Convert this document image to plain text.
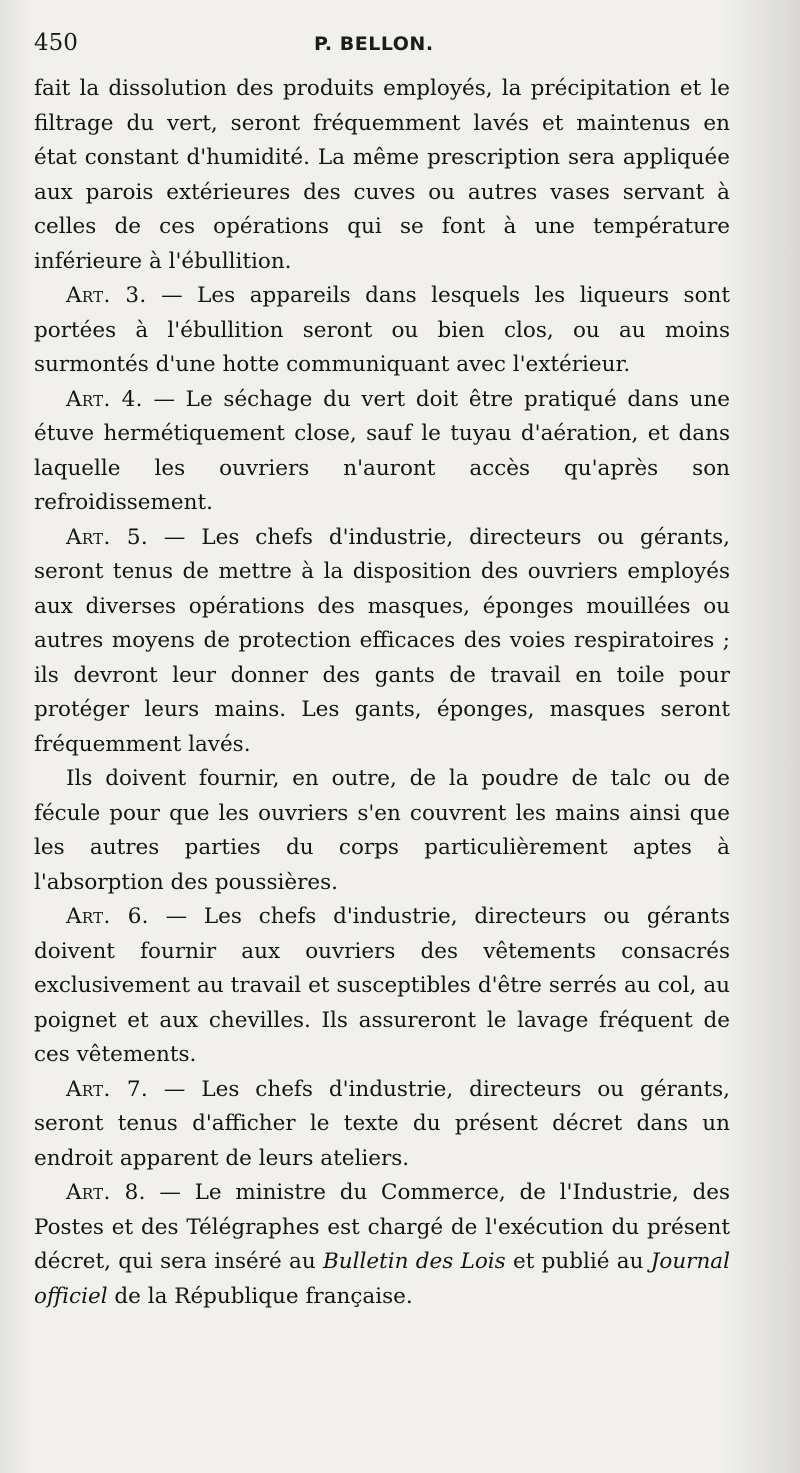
450	P. BELLON.

fait la dissolution des produits employés, la précipitation et le filtrage du vert, seront fréquemment lavés et maintenus en état constant d'humidité. La même prescription sera appliquée aux parois extérieures des cuves ou autres vases servant à celles de ces opérations qui se font à une température inférieure à l'ébullition.

Art. 3. — Les appareils dans lesquels les liqueurs sont portées à l'ébullition seront ou bien clos, ou au moins surmontés d'une hotte communiquant avec l'extérieur.

Art. 4. — Le séchage du vert doit être pratiqué dans une étuve hermétiquement close, sauf le tuyau d'aération, et dans laquelle les ouvriers n'auront accès qu'après son refroidissement.

Art. 5. — Les chefs d'industrie, directeurs ou gérants, seront tenus de mettre à la disposition des ouvriers employés aux diverses opérations des masques, éponges mouillées ou autres moyens de protection efficaces des voies respiratoires ; ils devront leur donner des gants de travail en toile pour protéger leurs mains. Les gants, éponges, masques seront fréquemment lavés.

Ils doivent fournir, en outre, de la poudre de talc ou de fécule pour que les ouvriers s'en couvrent les mains ainsi que les autres parties du corps particulièrement aptes à l'absorption des poussières.

Art. 6. — Les chefs d'industrie, directeurs ou gérants doivent fournir aux ouvriers des vêtements consacrés exclusivement au travail et susceptibles d'être serrés au col, au poignet et aux chevilles. Ils assureront le lavage fréquent de ces vêtements.

Art. 7. — Les chefs d'industrie, directeurs ou gérants, seront tenus d'afficher le texte du présent décret dans un endroit apparent de leurs ateliers.

Art. 8. — Le ministre du Commerce, de l'Industrie, des Postes et des Télégraphes est chargé de l'exécution du présent décret, qui sera inséré au Bulletin des Lois et publié au Journal officiel de la République française.
